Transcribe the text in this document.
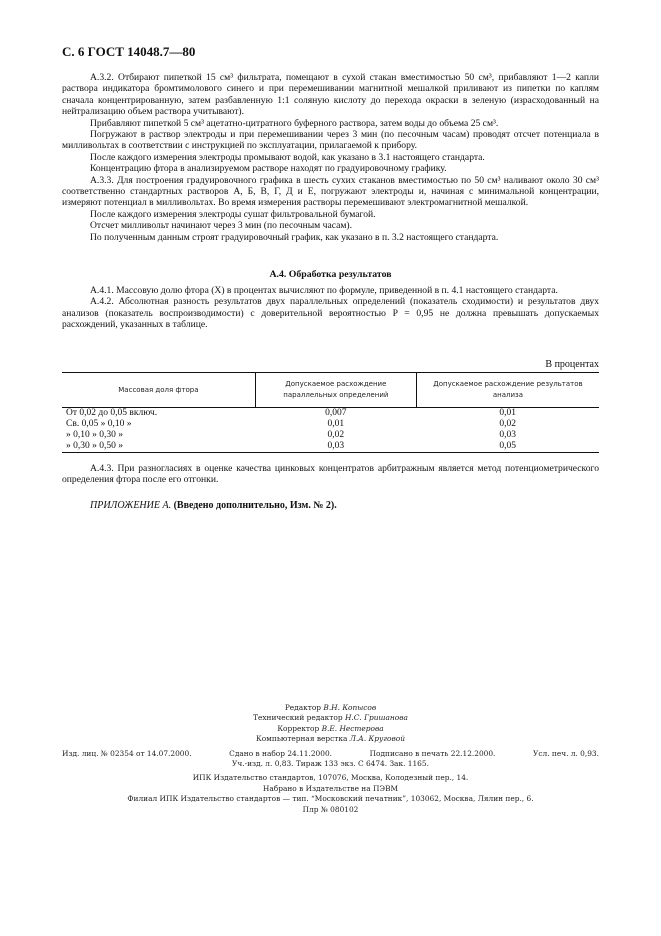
С. 6 ГОСТ 14048.7—80

А.3.2. Отбирают пипеткой 15 см³ фильтрата, помещают в сухой стакан вместимостью 50 см³, прибавляют 1—2 капли раствора индикатора бромтимолового синего и при перемешивании магнитной мешалкой приливают из пипетки по каплям сначала концентрированную, затем разбавленную 1:1 соляную кислоту до перехода окраски в зеленую (израсходованный на нейтрализацию объем раствора учитывают).

Прибавляют пипеткой 5 см³ ацетатно-цитратного буферного раствора, затем воды до объема 25 см³.

Погружают в раствор электроды и при перемешивании через 3 мин (по песочным часам) проводят отсчет потенциала в милливольтах в соответствии с инструкцией по эксплуатации, прилагаемой к прибору.

После каждого измерения электроды промывают водой, как указано в 3.1 настоящего стандарта.

Концентрацию фтора в анализируемом растворе находят по градуировочному графику.

А.3.3. Для построения градуировочного графика в шесть сухих стаканов вместимостью по 50 см³ наливают около 30 см³ соответственно стандартных растворов А, Б, В, Г, Д и Е, погружают электроды и, начиная с минимальной концентрации, измеряют потенциал в милливольтах. Во время измерения растворы перемешивают электромагнитной мешалкой.

После каждого измерения электроды сушат фильтровальной бумагой.

Отсчет милливольт начинают через 3 мин (по песочным часам).

По полученным данным строят градуировочный график, как указано в п. 3.2 настоящего стандарта.

А.4. Обработка результатов

А.4.1. Массовую долю фтора (X) в процентах вычисляют по формуле, приведенной в п. 4.1 настоящего стандарта.

А.4.2. Абсолютная разность результатов двух параллельных определений (показатель сходимости) и результатов двух анализов (показатель воспроизводимости) с доверительной вероятностью P = 0,95 не должна превышать допускаемых расхождений, указанных в таблице.

В процентах
Массовая доля фтора	Допускаемое расхождение параллельных определений	Допускаемое расхождение результатов анализа
От 0,02 до 0,05 включ.	0,007	0,01
Св. 0,05 » 0,10 »	0,01	0,02
» 0,10 » 0,30 »	0,02	0,03
» 0,30 » 0,50 »	0,03	0,05

А.4.3. При разногласиях в оценке качества цинковых концентратов арбитражным является метод потенциометрического определения фтора после его отгонки.

ПРИЛОЖЕНИЕ А. (Введено дополнительно, Изм. № 2).
Редактор В.Н. Копысов
Технический редактор Н.С. Гришанова
Корректор В.Е. Нестерова
Компьютерная верстка Л.А. Круговой
Изд. лиц. № 02354 от 14.07.2000.	Сдано в набор 24.11.2000.	Подписано в печать 22.12.2000.	Усл. печ. л. 0,93.
Уч.-изд. л. 0,83. Тираж 133 экз. С 6474. Зак. 1165.
ИПК Издательство стандартов, 107076, Москва, Колодезный пер., 14.
Набрано в Издательстве на ПЭВМ
Филиал ИПК Издательство стандартов — тип. “Московский печатник”, 103062, Москва, Лялин пер., 6.
Плр № 080102
